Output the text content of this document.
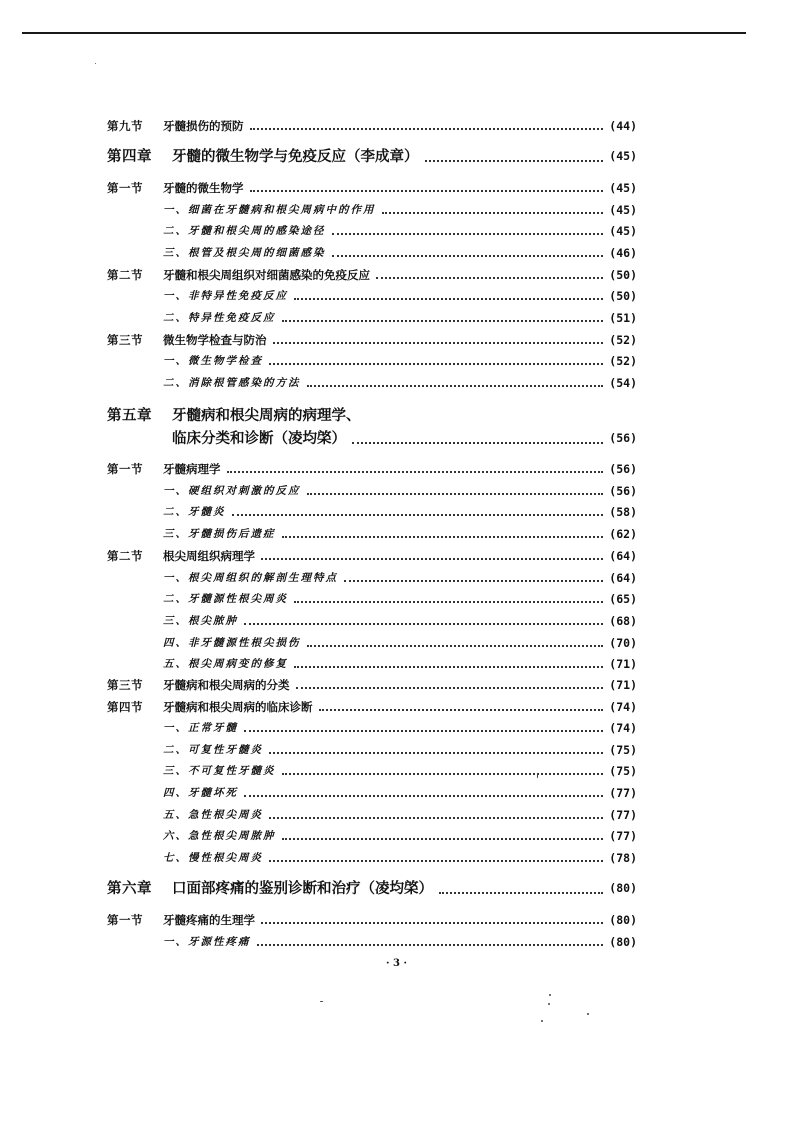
第九节	牙髓损伤的预防	( 44 )
第四章	牙髓的微生物学与免疫反应（李成章）	( 45 )
第一节	牙髓的微生物学	( 45 )
一、细菌在牙髓病和根尖周病中的作用	( 45 )
二、牙髓和根尖周的感染途径	( 45 )
三、根管及根尖周的细菌感染	( 46 )
第二节	牙髓和根尖周组织对细菌感染的免疫反应	( 50 )
一、非特异性免疫反应	( 50 )
二、特异性免疫反应	( 51 )
第三节	微生物学检查与防治	( 52 )
一、微生物学检查	( 52 )
二、消除根管感染的方法	( 54 )
第五章	牙髓病和根尖周病的病理学、
临床分类和诊断（凌均棨）	( 56 )
第一节	牙髓病理学	( 56 )
一、硬组织对刺激的反应	( 56 )
二、牙髓炎	( 58 )
三、牙髓损伤后遗症	( 62 )
第二节	根尖周组织病理学	( 64 )
一、根尖周组织的解剖生理特点	( 64 )
二、牙髓源性根尖周炎	( 65 )
三、根尖脓肿	( 68 )
四、非牙髓源性根尖损伤	( 70 )
五、根尖周病变的修复	( 71 )
第三节	牙髓病和根尖周病的分类	( 71 )
第四节	牙髓病和根尖周病的临床诊断	( 74 )
一、正常牙髓	( 74 )
二、可复性牙髓炎	( 75 )
三、不可复性牙髓炎	( 75 )
四、牙髓坏死	( 77 )
五、急性根尖周炎	( 77 )
六、急性根尖周脓肿	( 77 )
七、慢性根尖周炎	( 78 )
第六章	口面部疼痛的鉴别诊断和治疗（凌均棨）	( 80 )
第一节	牙髓疼痛的生理学	( 80 )
一、牙源性疼痛	( 80 )
· 3 ·
